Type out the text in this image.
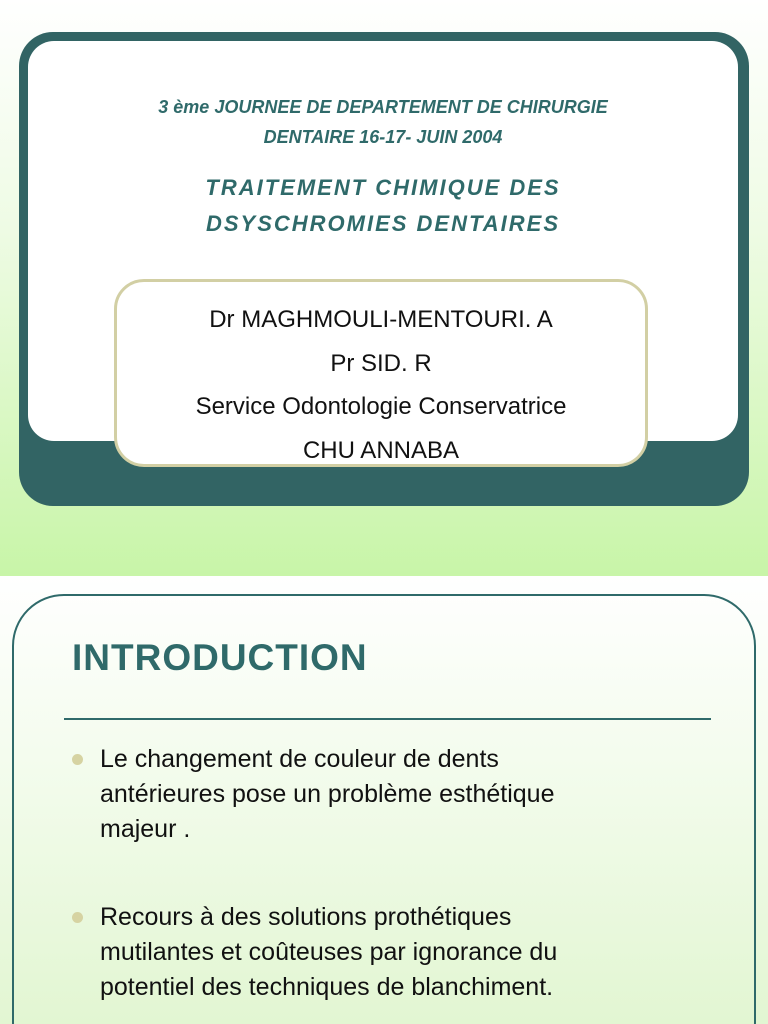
3 ème JOURNEE DE DEPARTEMENT DE CHIRURGIE
DENTAIRE 16-17- JUIN 2004
TRAITEMENT CHIMIQUE DES
DSYSCHROMIES DENTAIRES
Dr MAGHMOULI-MENTOURI. A
Pr SID. R
Service Odontologie Conservatrice
CHU ANNABA
INTRODUCTION
Le changement de couleur de dents
antérieures pose un problème esthétique
majeur .
Recours à des solutions prothétiques
mutilantes et coûteuses par ignorance du
potentiel des techniques de blanchiment.
